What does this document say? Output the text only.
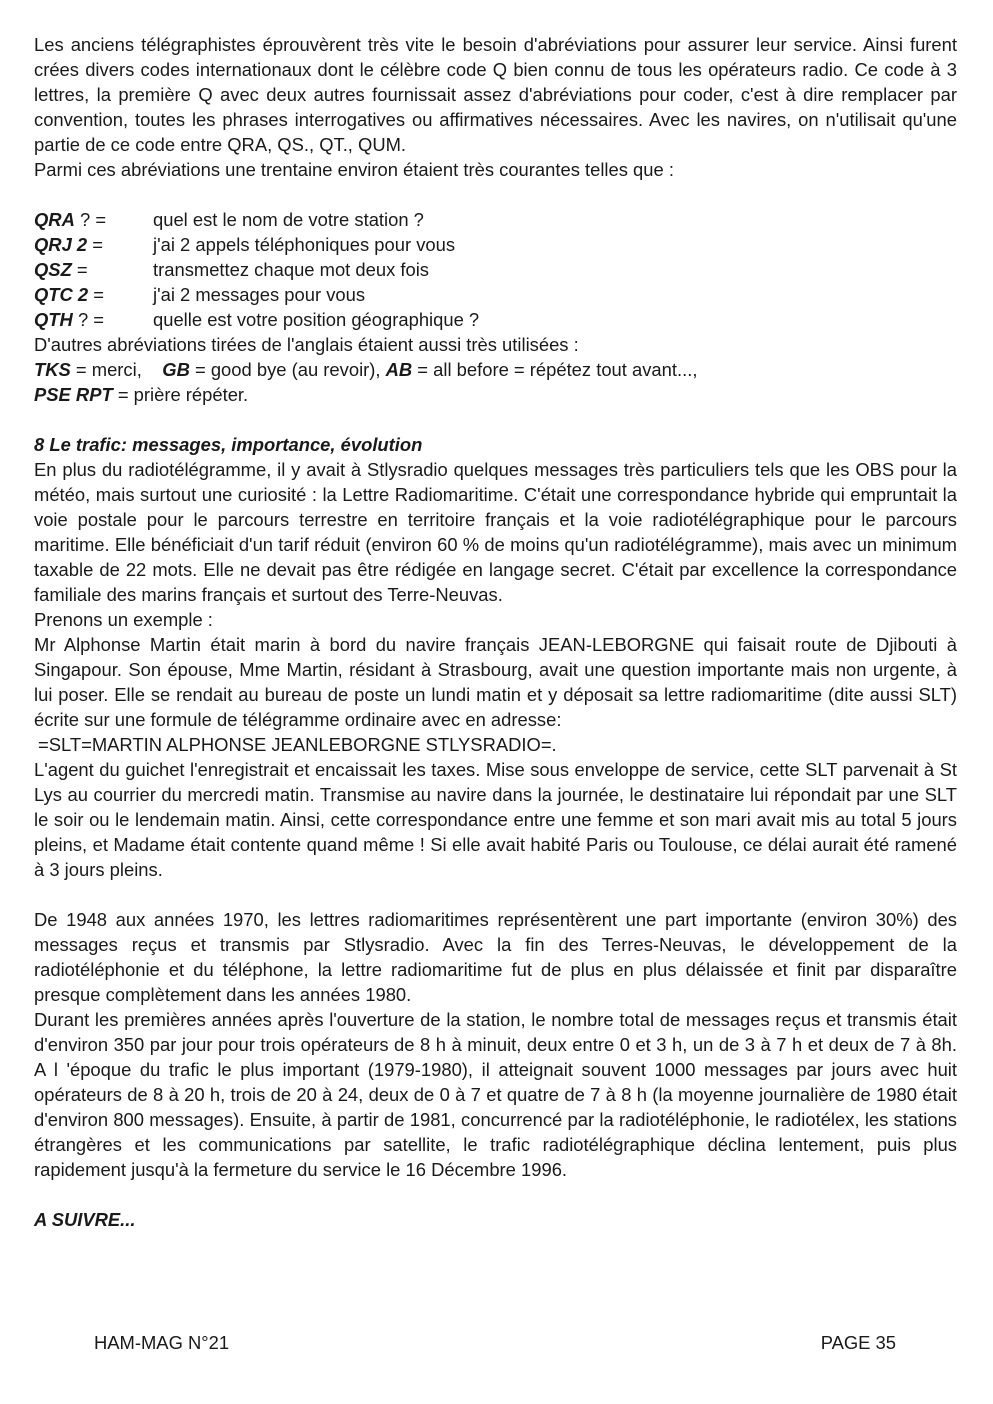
Les anciens télégraphistes éprouvèrent très vite le besoin d'abréviations pour assurer leur service. Ainsi furent crées divers codes internationaux dont le célèbre code Q bien connu de tous les opérateurs radio. Ce code à 3 lettres, la première Q avec deux autres fournissait assez d'abréviations pour coder, c'est à dire remplacer par convention, toutes les phrases interrogatives ou affirmatives nécessaires. Avec les navires, on n'utilisait qu'une partie de ce code entre QRA, QS., QT., QUM.

Parmi ces abréviations une trentaine environ étaient très courantes telles que :

QRA ? =	quel est le nom de votre station ?
QRJ 2 =	j'ai 2 appels téléphoniques pour vous
QSZ =	transmettez chaque mot deux fois
QTC 2 =	j'ai 2 messages pour vous
QTH ? =	quelle est votre position géographique ?

D'autres abréviations tirées de l'anglais étaient aussi très utilisées :

TKS = merci,    GB = good bye (au revoir), AB = all before = répétez tout avant...,

PSE RPT = prière répéter.

8 Le trafic: messages, importance, évolution

En plus du radiotélégramme, il y avait à Stlysradio quelques messages très particuliers tels que les OBS pour la météo, mais surtout une curiosité : la Lettre Radiomaritime. C'était une correspondance hybride qui empruntait la voie postale pour le parcours terrestre en territoire français et la voie radiotélégraphique pour le parcours maritime. Elle bénéficiait d'un tarif réduit (environ 60 % de moins qu'un radiotélégramme), mais avec un minimum taxable de 22 mots. Elle ne devait pas être rédigée en langage secret. C'était par excellence la correspondance familiale des marins français et surtout des Terre-Neuvas.

Prenons un exemple :

Mr Alphonse Martin était marin à bord du navire français JEAN-LEBORGNE qui faisait route de Djibouti à Singapour. Son épouse, Mme Martin, résidant à Strasbourg, avait une question importante mais non urgente, à lui poser. Elle se rendait au bureau de poste un lundi matin et y déposait sa lettre radiomaritime (dite aussi SLT) écrite sur une formule de télégramme ordinaire avec en adresse:

=SLT=MARTIN ALPHONSE JEANLEBORGNE STLYSRADIO=.

L'agent du guichet l'enregistrait et encaissait les taxes. Mise sous enveloppe de service, cette SLT parvenait à St Lys au courrier du mercredi matin. Transmise au navire dans la journée, le destinataire lui répondait par une SLT le soir ou le lendemain matin. Ainsi, cette correspondance entre une femme et son mari avait mis au total 5 jours pleins, et Madame était contente quand même ! Si elle avait habité Paris ou Toulouse, ce délai aurait été ramené à 3 jours pleins.

De 1948 aux années 1970, les lettres radiomaritimes représentèrent une part importante (environ 30%) des messages reçus et transmis par Stlysradio. Avec la fin des Terres-Neuvas, le développement de la radiotéléphonie et du téléphone, la lettre radiomaritime fut de plus en plus délaissée et finit par disparaître presque complètement dans les années 1980.

Durant les premières années après l'ouverture de la station, le nombre total de messages reçus et transmis était d'environ 350 par jour pour trois opérateurs de 8 h à minuit, deux entre 0 et 3 h, un de 3 à 7 h et deux de 7 à 8h. A l 'époque du trafic le plus important (1979-1980), il atteignait souvent 1000 messages par jours avec huit opérateurs de 8 à 20 h, trois de 20 à 24, deux de 0 à 7 et quatre de 7 à 8 h (la moyenne journalière de 1980 était d'environ 800 messages). Ensuite, à partir de 1981, concurrencé par la radiotéléphonie, le radiotélex, les stations étrangères et les communications par satellite, le trafic radiotélégraphique déclina lentement, puis plus rapidement jusqu'à la fermeture du service le 16 Décembre 1996.

A SUIVRE...

HAM-MAG N°21	PAGE 35
